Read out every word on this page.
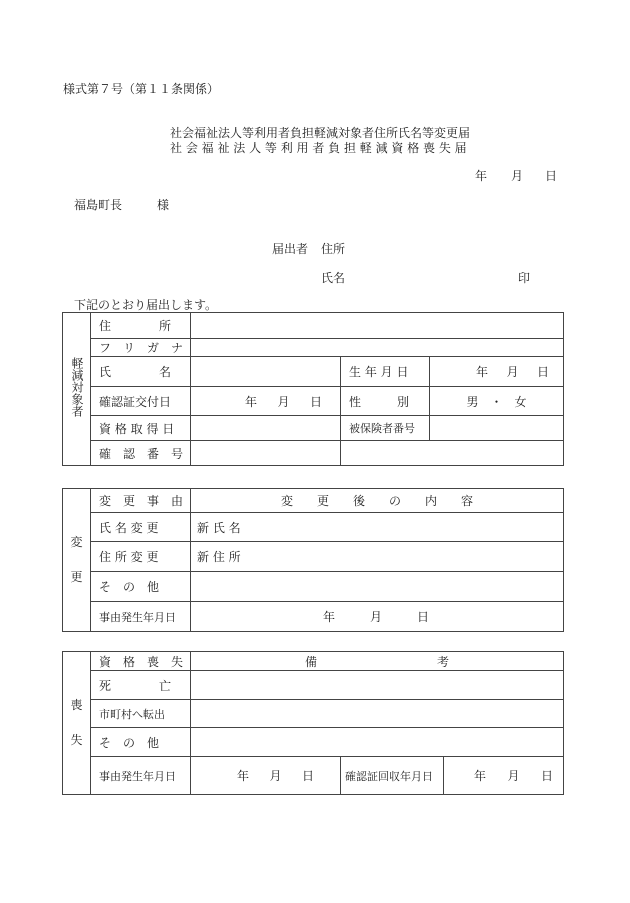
様式第７号（第１１条関係）
社会福祉法人等利用者負担軽減対象者住所氏名等変更届
社 会 福 祉 法 人 等 利 用 者 負 担 軽 減 資 格 喪 失 届
年 月 日
福島町長	様
届出者 住所
氏名	印
下記のとおり届出します。
軽減対象者	住　　　　所			
	フ　リ　ガ　ナ			
	氏　　　　名		生 年 月 日	年 月 日

	確認証交付日	年 月 日	性　　　別	男　・　女
	資 格 取 得 日		被保険者番号	
	確　認　番　号			
変
更	変　更　事　由	変　　更　　後　　の　　内　　容
	氏 名 変 更	新 氏 名
	住 所 変 更	新 住 所
	そ　の　他	
	事由発生年月日	年 月 日
喪
失	資　格　喪　失	備　　　　　　　　　　考		
	死　　　　亡			
	市町村へ転出			
	そ　の　他			
	事由発生年月日	年 月 日	確認証回収年月日	年 月 日
